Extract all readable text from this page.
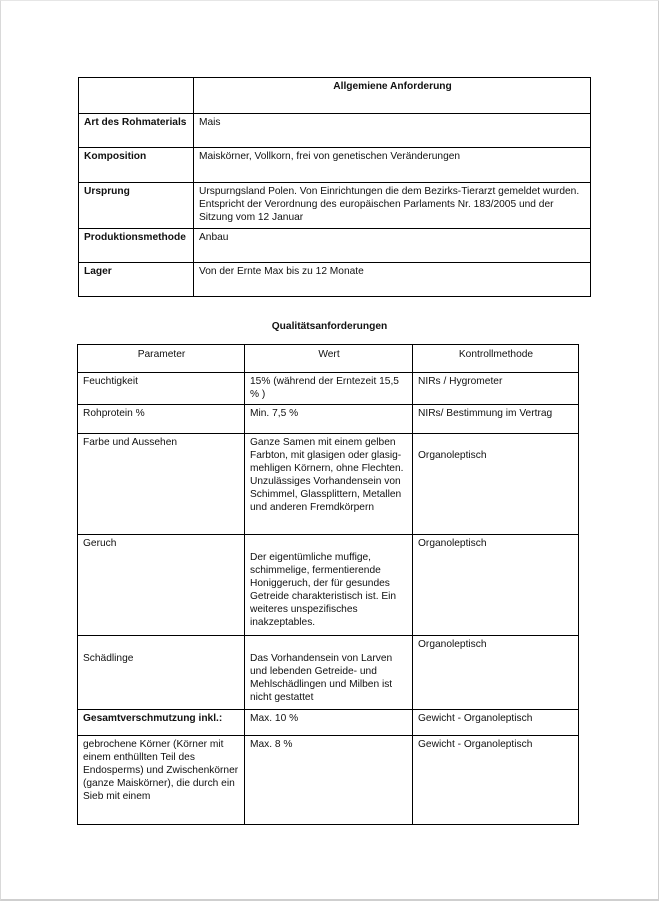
	Allgemiene Anforderung
Art des Rohmaterials	Mais
Komposition	Maiskörner, Vollkorn, frei von genetischen Veränderungen
Ursprung	Urspurngsland Polen. Von Einrichtungen die dem Bezirks-Tierarzt gemeldet wurden. Entspricht der Verordnung des europäischen Parlaments Nr. 183/2005 und der Sitzung vom 12 Januar
Produktionsmethode	Anbau
Lager	Von der Ernte Max bis zu 12 Monate
Qualitätsanforderungen
Parameter	Wert	Kontrollmethode
Feuchtigkeit	15% (während der Erntezeit 15,5 % )	NIRs / Hygrometer
Rohprotein %	Min. 7,5 %	NIRs/ Bestimmung im Vertrag
Farbe und Aussehen	Ganze Samen mit einem gelben Farbton, mit glasigen oder glasig-mehligen Körnern, ohne Flechten. Unzulässiges Vorhandensein von Schimmel, Glassplittern, Metallen und anderen Fremdkörpern	Organoleptisch
Geruch	Der eigentümliche muffige, schimmelige, fermentierende Honiggeruch, der für gesundes Getreide charakteristisch ist. Ein weiteres unspezifisches inakzeptables.	Organoleptisch
Schädlinge	Das Vorhandensein von Larven und lebenden Getreide- und Mehlschädlingen und Milben ist nicht gestattet	Organoleptisch
Gesamtverschmutzung inkl.:	Max. 10 %	Gewicht - Organoleptisch
gebrochene Körner (Körner mit einem enthüllten Teil des Endosperms) und Zwischenkörner (ganze Maiskörner), die durch ein Sieb mit einem	Max. 8 %	Gewicht - Organoleptisch
